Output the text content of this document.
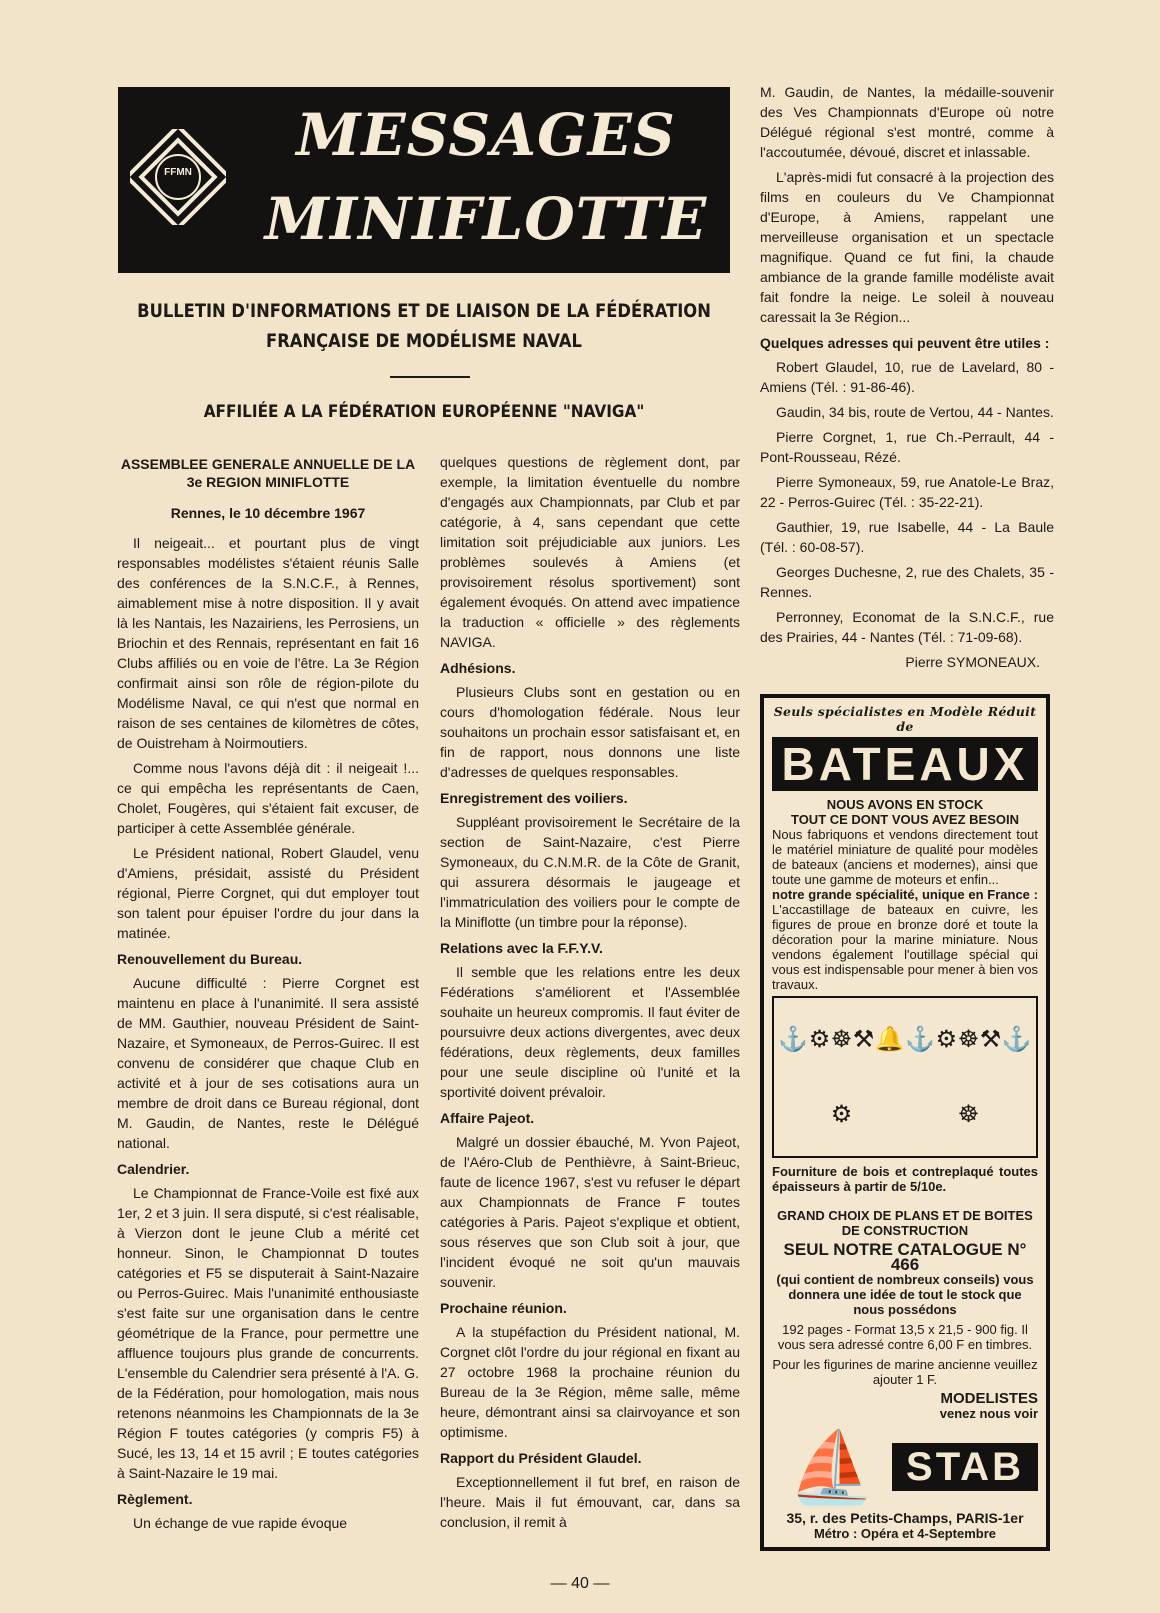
FFMN
MESSAGES
MINIFLOTTE
BULLETIN D'INFORMATIONS ET DE LIAISON DE LA FÉDÉRATION FRANÇAISE DE MODÉLISME NAVAL
AFFILIÉE A LA FÉDÉRATION EUROPÉENNE "NAVIGA"
ASSEMBLEE GENERALE ANNUELLE DE LA 3e REGION MINIFLOTTE
Rennes, le 10 décembre 1967

Il neigeait... et pourtant plus de vingt responsables modélistes s'étaient réunis Salle des conférences de la S.N.C.F., à Rennes, aimablement mise à notre disposition. Il y avait là les Nantais, les Nazairiens, les Perrosiens, un Briochin et des Rennais, représentant en fait 16 Clubs affiliés ou en voie de l'être. La 3e Région confirmait ainsi son rôle de région-pilote du Modélisme Naval, ce qui n'est que normal en raison de ses centaines de kilomètres de côtes, de Ouistreham à Noirmoutiers.

Comme nous l'avons déjà dit : il neigeait !... ce qui empêcha les représentants de Caen, Cholet, Fougères, qui s'étaient fait excuser, de participer à cette Assemblée générale.

Le Président national, Robert Glaudel, venu d'Amiens, présidait, assisté du Président régional, Pierre Corgnet, qui dut employer tout son talent pour épuiser l'ordre du jour dans la matinée.

Renouvellement du Bureau.

Aucune difficulté : Pierre Corgnet est maintenu en place à l'unanimité. Il sera assisté de MM. Gauthier, nouveau Président de Saint-Nazaire, et Symoneaux, de Perros-Guirec. Il est convenu de considérer que chaque Club en activité et à jour de ses cotisations aura un membre de droit dans ce Bureau régional, dont M. Gaudin, de Nantes, reste le Délégué national.

Calendrier.

Le Championnat de France-Voile est fixé aux 1er, 2 et 3 juin. Il sera disputé, si c'est réalisable, à Vierzon dont le jeune Club a mérité cet honneur. Sinon, le Championnat D toutes catégories et F5 se disputerait à Saint-Nazaire ou Perros-Guirec. Mais l'unanimité enthousiaste s'est faite sur une organisation dans le centre géométrique de la France, pour permettre une affluence toujours plus grande de concurrents. L'ensemble du Calendrier sera présenté à l'A. G. de la Fédération, pour homologation, mais nous retenons néanmoins les Championnats de la 3e Région F toutes catégories (y compris F5) à Sucé, les 13, 14 et 15 avril ; E toutes catégories à Saint-Nazaire le 19 mai.

Règlement.

Un échange de vue rapide évoque

quelques questions de règlement dont, par exemple, la limitation éventuelle du nombre d'engagés aux Championnats, par Club et par catégorie, à 4, sans cependant que cette limitation soit préjudiciable aux juniors. Les problèmes soulevés à Amiens (et provisoirement résolus sportivement) sont également évoqués. On attend avec impatience la traduction « officielle » des règlements NAVIGA.

Adhésions.

Plusieurs Clubs sont en gestation ou en cours d'homologation fédérale. Nous leur souhaitons un prochain essor satisfaisant et, en fin de rapport, nous donnons une liste d'adresses de quelques responsables.

Enregistrement des voiliers.

Suppléant provisoirement le Secrétaire de la section de Saint-Nazaire, c'est Pierre Symoneaux, du C.N.M.R. de la Côte de Granit, qui assurera désormais le jaugeage et l'immatriculation des voiliers pour le compte de la Miniflotte (un timbre pour la réponse).

Relations avec la F.F.Y.V.

Il semble que les relations entre les deux Fédérations s'améliorent et l'Assemblée souhaite un heureux compromis. Il faut éviter de poursuivre deux actions divergentes, avec deux fédérations, deux règlements, deux familles pour une seule discipline où l'unité et la sportivité doivent prévaloir.

Affaire Pajeot.

Malgré un dossier ébauché, M. Yvon Pajeot, de l'Aéro-Club de Penthièvre, à Saint-Brieuc, faute de licence 1967, s'est vu refuser le départ aux Championnats de France F toutes catégories à Paris. Pajeot s'explique et obtient, sous réserves que son Club soit à jour, que l'incident évoqué ne soit qu'un mauvais souvenir.

Prochaine réunion.

A la stupéfaction du Président national, M. Corgnet clôt l'ordre du jour régional en fixant au 27 octobre 1968 la prochaine réunion du Bureau de la 3e Région, même salle, même heure, démontrant ainsi sa clairvoyance et son optimisme.

Rapport du Président Glaudel.

Exceptionnellement il fut bref, en raison de l'heure. Mais il fut émouvant, car, dans sa conclusion, il remit à

M. Gaudin, de Nantes, la médaille-souvenir des Ves Championnats d'Europe où notre Délégué régional s'est montré, comme à l'accoutumée, dévoué, discret et inlassable.

L'après-midi fut consacré à la projection des films en couleurs du Ve Championnat d'Europe, à Amiens, rappelant une merveilleuse organisation et un spectacle magnifique. Quand ce fut fini, la chaude ambiance de la grande famille modéliste avait fait fondre la neige. Le soleil à nouveau caressait la 3e Région...

Quelques adresses qui peuvent être utiles :

Robert Glaudel, 10, rue de Lavelard, 80 - Amiens (Tél. : 91-86-46).

Gaudin, 34 bis, route de Vertou, 44 - Nantes.

Pierre Corgnet, 1, rue Ch.-Perrault, 44 - Pont-Rousseau, Rézé.

Pierre Symoneaux, 59, rue Anatole-Le Braz, 22 - Perros-Guirec (Tél. : 35-22-21).

Gauthier, 19, rue Isabelle, 44 - La Baule (Tél. : 60-08-57).

Georges Duchesne, 2, rue des Chalets, 35 - Rennes.

Perronney, Economat de la S.N.C.F., rue des Prairies, 44 - Nantes (Tél. : 71-09-68).

Pierre SYMONEAUX.

Seuls spécialistes en Modèle Réduit de
BATEAUX
NOUS AVONS EN STOCK
TOUT CE DONT VOUS AVEZ BESOIN
Nous fabriquons et vendons directement tout le matériel miniature de qualité pour modèles de bateaux (anciens et modernes), ainsi que toute une gamme de moteurs et enfin...
notre grande spécialité, unique en France : L'accastillage de bateaux en cuivre, les figures de proue en bronze doré et toute la décoration pour la marine miniature. Nous vendons également l'outillage spécial qui vous est indispensable pour mener à bien vos travaux.
⚓ ⚙ ☸ ⚒ 🔔 ⚓ ⚙ ☸ ⚒ ⚓
⚙	☸
Fourniture de bois et contreplaqué toutes épaisseurs à partir de 5/10e.
GRAND CHOIX DE PLANS ET DE BOITES DE CONSTRUCTION
SEUL NOTRE CATALOGUE N° 466
(qui contient de nombreux conseils) vous donnera une idée de tout le stock que nous possédons
192 pages - Format 13,5 x 21,5 - 900 fig. Il vous sera adressé contre 6,00 F en timbres.
Pour les figurines de marine ancienne veuillez ajouter 1 F.
MODELISTES
venez nous voir
⛵ STAB
35, r. des Petits-Champs, PARIS-1er
Métro : Opéra et 4-Septembre
— 40 —
